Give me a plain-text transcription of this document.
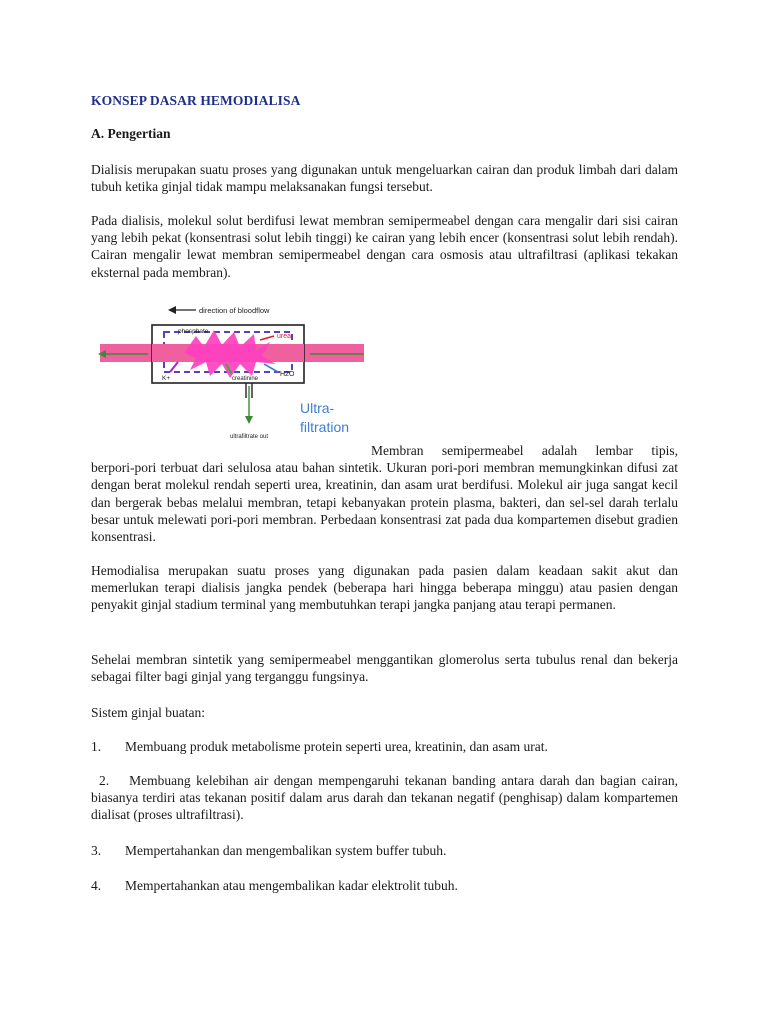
KONSEP DASAR HEMODIALISA
A. Pengertian

Dialisis merupakan suatu proses yang digunakan untuk mengeluarkan cairan dan produk limbah dari dalam tubuh ketika ginjal tidak mampu melaksanakan fungsi tersebut.

Pada dialisis, molekul solut berdifusi lewat membran semipermeabel dengan cara mengalir dari sisi cairan yang lebih pekat (konsentrasi solut lebih tinggi) ke cairan yang lebih encer (konsentrasi solut lebih rendah). Cairan mengalir lewat membran semipermeabel dengan cara osmosis atau ultrafiltrasi (aplikasi tekakan eksternal pada membran).

direction of bloodflow
phosphate
urea
K+	creatinine
H2O
ultrafiltrate out
Ultra-
filtration
Membran semipermeabel adalah lembar tipis,
berpori-pori terbuat dari selulosa atau bahan sintetik. Ukuran pori-pori membran memungkinkan difusi zat dengan berat molekul rendah seperti urea, kreatinin, dan asam urat berdifusi. Molekul air juga sangat kecil dan bergerak bebas melalui membran, tetapi kebanyakan protein plasma, bakteri, dan sel-sel darah terlalu besar untuk melewati pori-pori membran. Perbedaan konsentrasi zat pada dua kompartemen disebut gradien konsentrasi.

Hemodialisa merupakan suatu proses yang digunakan pada pasien dalam keadaan sakit akut dan memerlukan terapi dialisis jangka pendek (beberapa hari hingga beberapa minggu) atau pasien dengan penyakit ginjal stadium terminal yang membutuhkan terapi jangka panjang atau terapi permanen.

Sehelai membran sintetik yang semipermeabel menggantikan glomerolus serta tubulus renal dan bekerja sebagai filter bagi ginjal yang terganggu fungsinya.

Sistem ginjal buatan:

1. Membuang produk metabolisme protein seperti urea, kreatinin, dan asam urat.
2. Membuang kelebihan air dengan mempengaruhi tekanan banding antara darah dan bagian cairan, biasanya terdiri atas tekanan positif dalam arus darah dan tekanan negatif (penghisap) dalam kompartemen dialisat (proses ultrafiltrasi).
3. Mempertahankan dan mengembalikan system buffer tubuh.
4. Mempertahankan atau mengembalikan kadar elektrolit tubuh.
